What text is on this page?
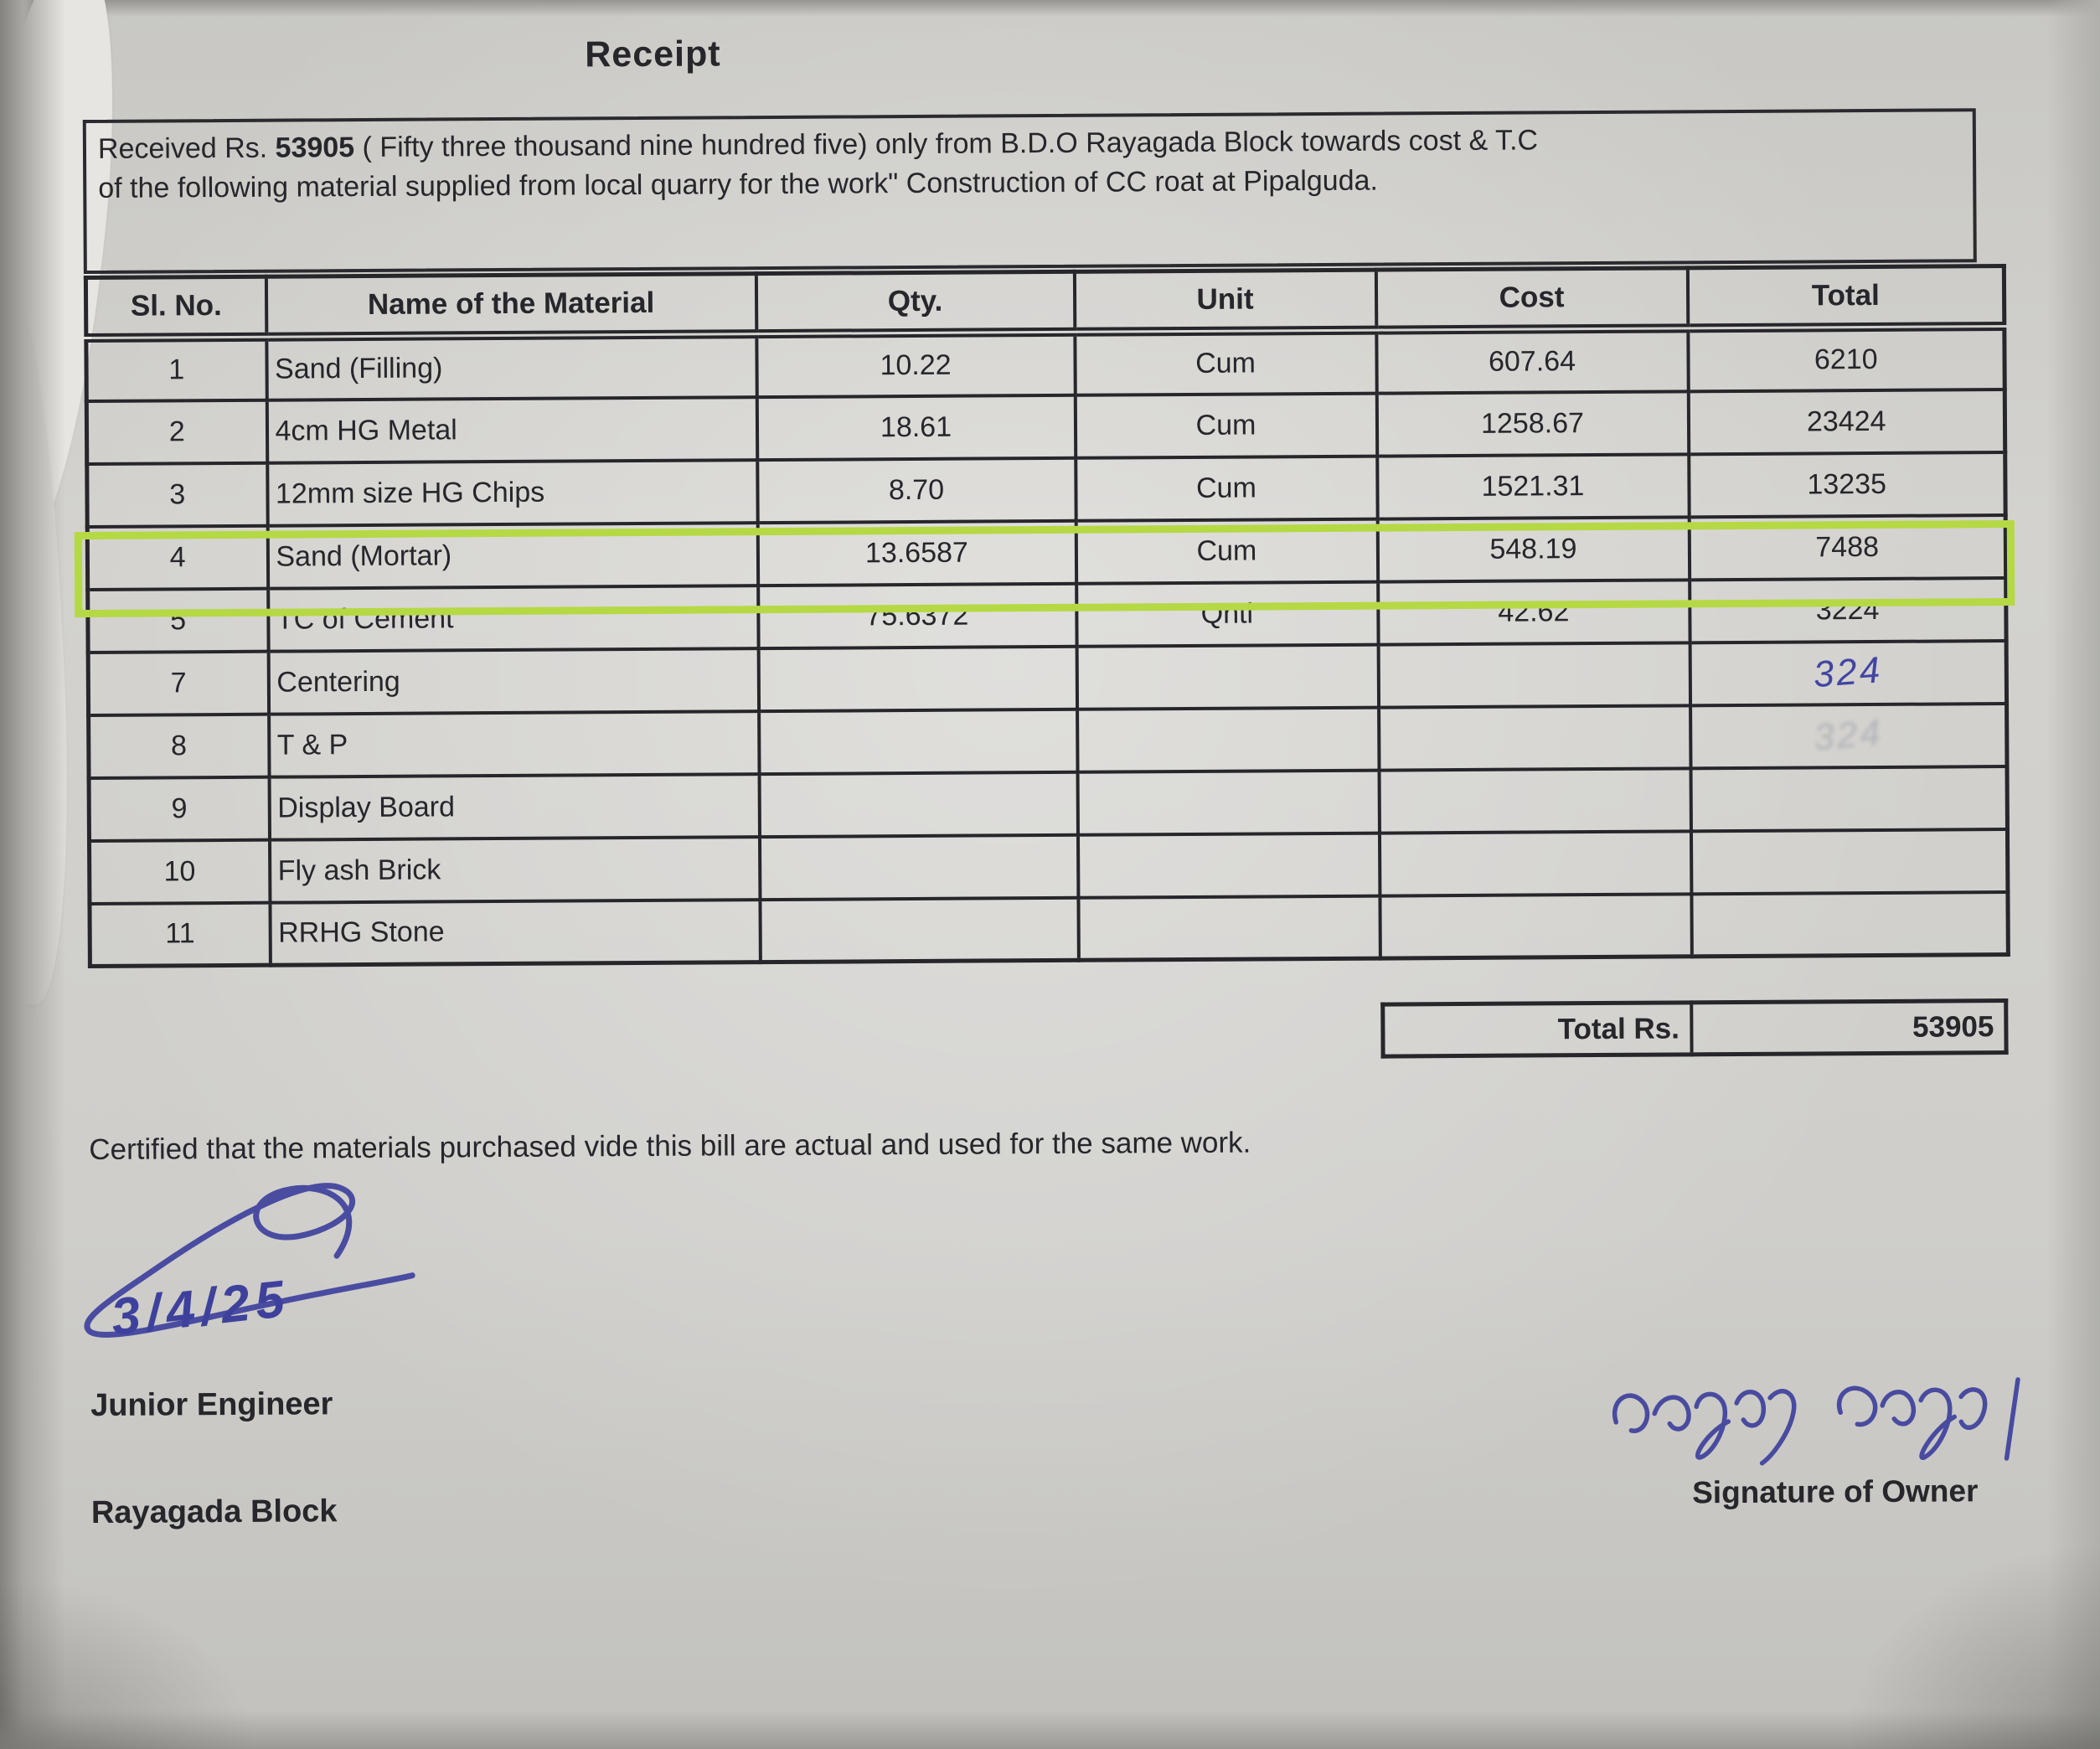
Receipt
Received Rs. 53905 ( Fifty three thousand nine hundred five) only from B.D.O Rayagada Block towards cost & T.C
of the following material supplied from local quarry for the work" Construction of CC roat at Pipalguda.
Sl. No.	Name of the Material	Qty.	Unit	Cost	Total
1	Sand (Filling)	10.22	Cum	607.64	6210
2	4cm HG Metal	18.61	Cum	1258.67	23424
3	12mm size HG Chips	8.70	Cum	1521.31	13235
4	Sand (Mortar)	13.6587	Cum	548.19	7488
5	TC of Cement	75.6372	Qntl	42.62	3224
7	Centering				324
8	T & P				324
9	Display Board				
10	Fly ash Brick				
11	RRHG Stone				
Total Rs.	53905
Certified that the materials purchased vide this bill are actual and used for the same work.
3/4/25
Junior Engineer
Rayagada Block
Signature of Owner
